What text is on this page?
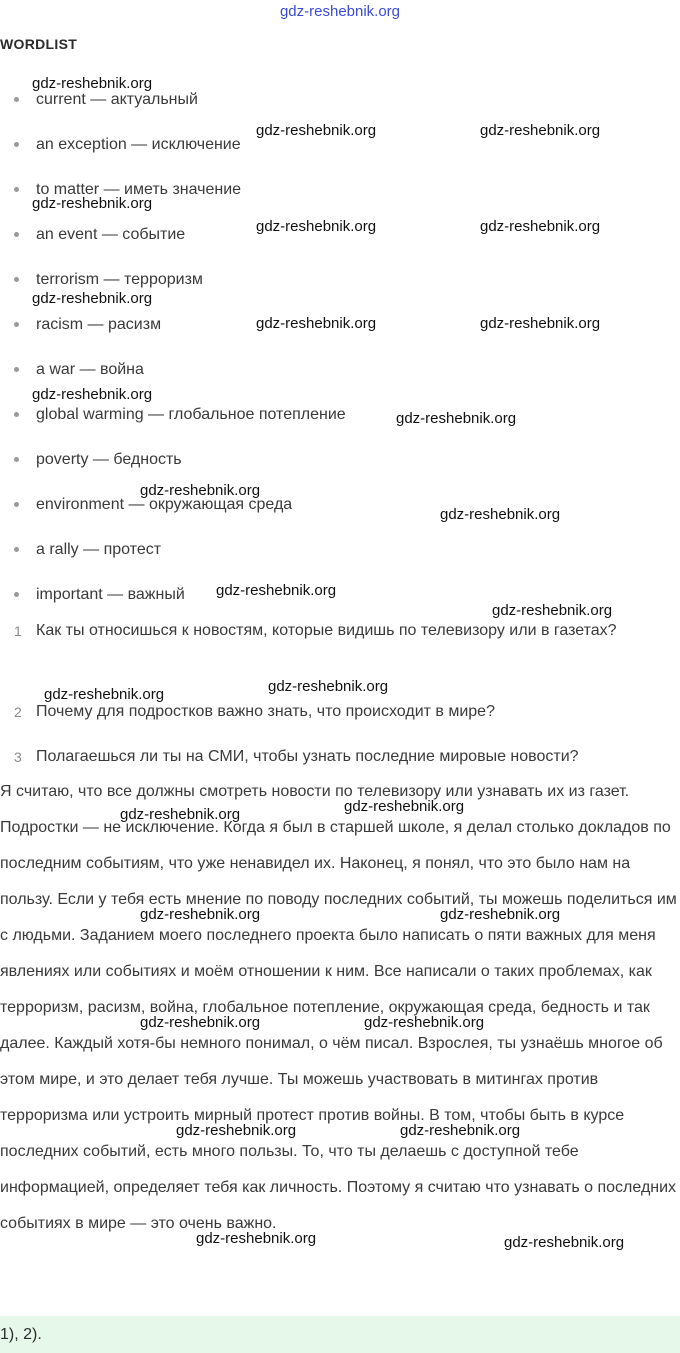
gdz-reshebnik.org
WORDLIST
current — актуальный
an exception — исключение
to matter — иметь значение
an event — событие
terrorism — терроризм
racism — расизм
a war — война
global warming — глобальное потепление
poverty — бедность
environment — окружающая среда
a rally — протест
important — важный
1 Как ты относишься к новостям, которые видишь по телевизору или в газетах?
2 Почему для подростков важно знать, что происходит в мире?
3 Полагаешься ли ты на СМИ, чтобы узнать последние мировые новости?

Я считаю, что все должны смотреть новости по телевизору или узнавать их из газет. Подростки — не исключение. Когда я был в старшей школе, я делал столько докладов по последним событиям, что уже ненавидел их. Наконец, я понял, что это было нам на пользу. Если у тебя есть мнение по поводу последних событий, ты можешь поделиться им с людьми. Заданием моего последнего проекта было написать о пяти важных для меня явлениях или событиях и моём отношении к ним. Все написали о таких проблемах, как терроризм, расизм, война, глобальное потепление, окружающая среда, бедность и так далее. Каждый хотя-бы немного понимал, о чём писал. Взрослея, ты узнаёшь многое об этом мире, и это делает тебя лучше. Ты можешь участвовать в митингах против терроризма или устроить мирный протест против войны. В том, чтобы быть в курсе последних событий, есть много пользы. То, что ты делаешь с доступной тебе информацией, определяет тебя как личность. Поэтому я считаю что узнавать о последних событиях в мире — это очень важно.

1), 2).
gdz-reshebnik.org
gdz-reshebnik.org	gdz-reshebnik.org
gdz-reshebnik.org
gdz-reshebnik.org	gdz-reshebnik.org
gdz-reshebnik.org
gdz-reshebnik.org	gdz-reshebnik.org
gdz-reshebnik.org
gdz-reshebnik.org
gdz-reshebnik.org
gdz-reshebnik.org
gdz-reshebnik.org
gdz-reshebnik.org
gdz-reshebnik.org
gdz-reshebnik.org
gdz-reshebnik.org
gdz-reshebnik.org
gdz-reshebnik.org	gdz-reshebnik.org
gdz-reshebnik.org	gdz-reshebnik.org
gdz-reshebnik.org	gdz-reshebnik.org
gdz-reshebnik.org	gdz-reshebnik.org
